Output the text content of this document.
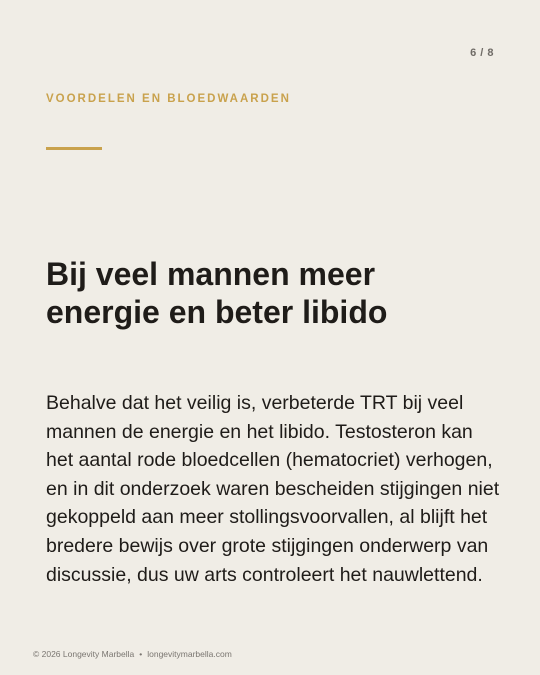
6 / 8
VOORDELEN EN BLOEDWAARDEN
Bij veel mannen meer energie en beter libido

Behalve dat het veilig is, verbeterde TRT bij veel mannen de energie en het libido. Testosteron kan het aantal rode bloedcellen (hematocriet) verhogen, en in dit onderzoek waren bescheiden stijgingen niet gekoppeld aan meer stollingsvoorvallen, al blijft het bredere bewijs over grote stijgingen onderwerp van discussie, dus uw arts controleert het nauwlettend.

© 2026 Longevity Marbella • longevitymarbella.com
